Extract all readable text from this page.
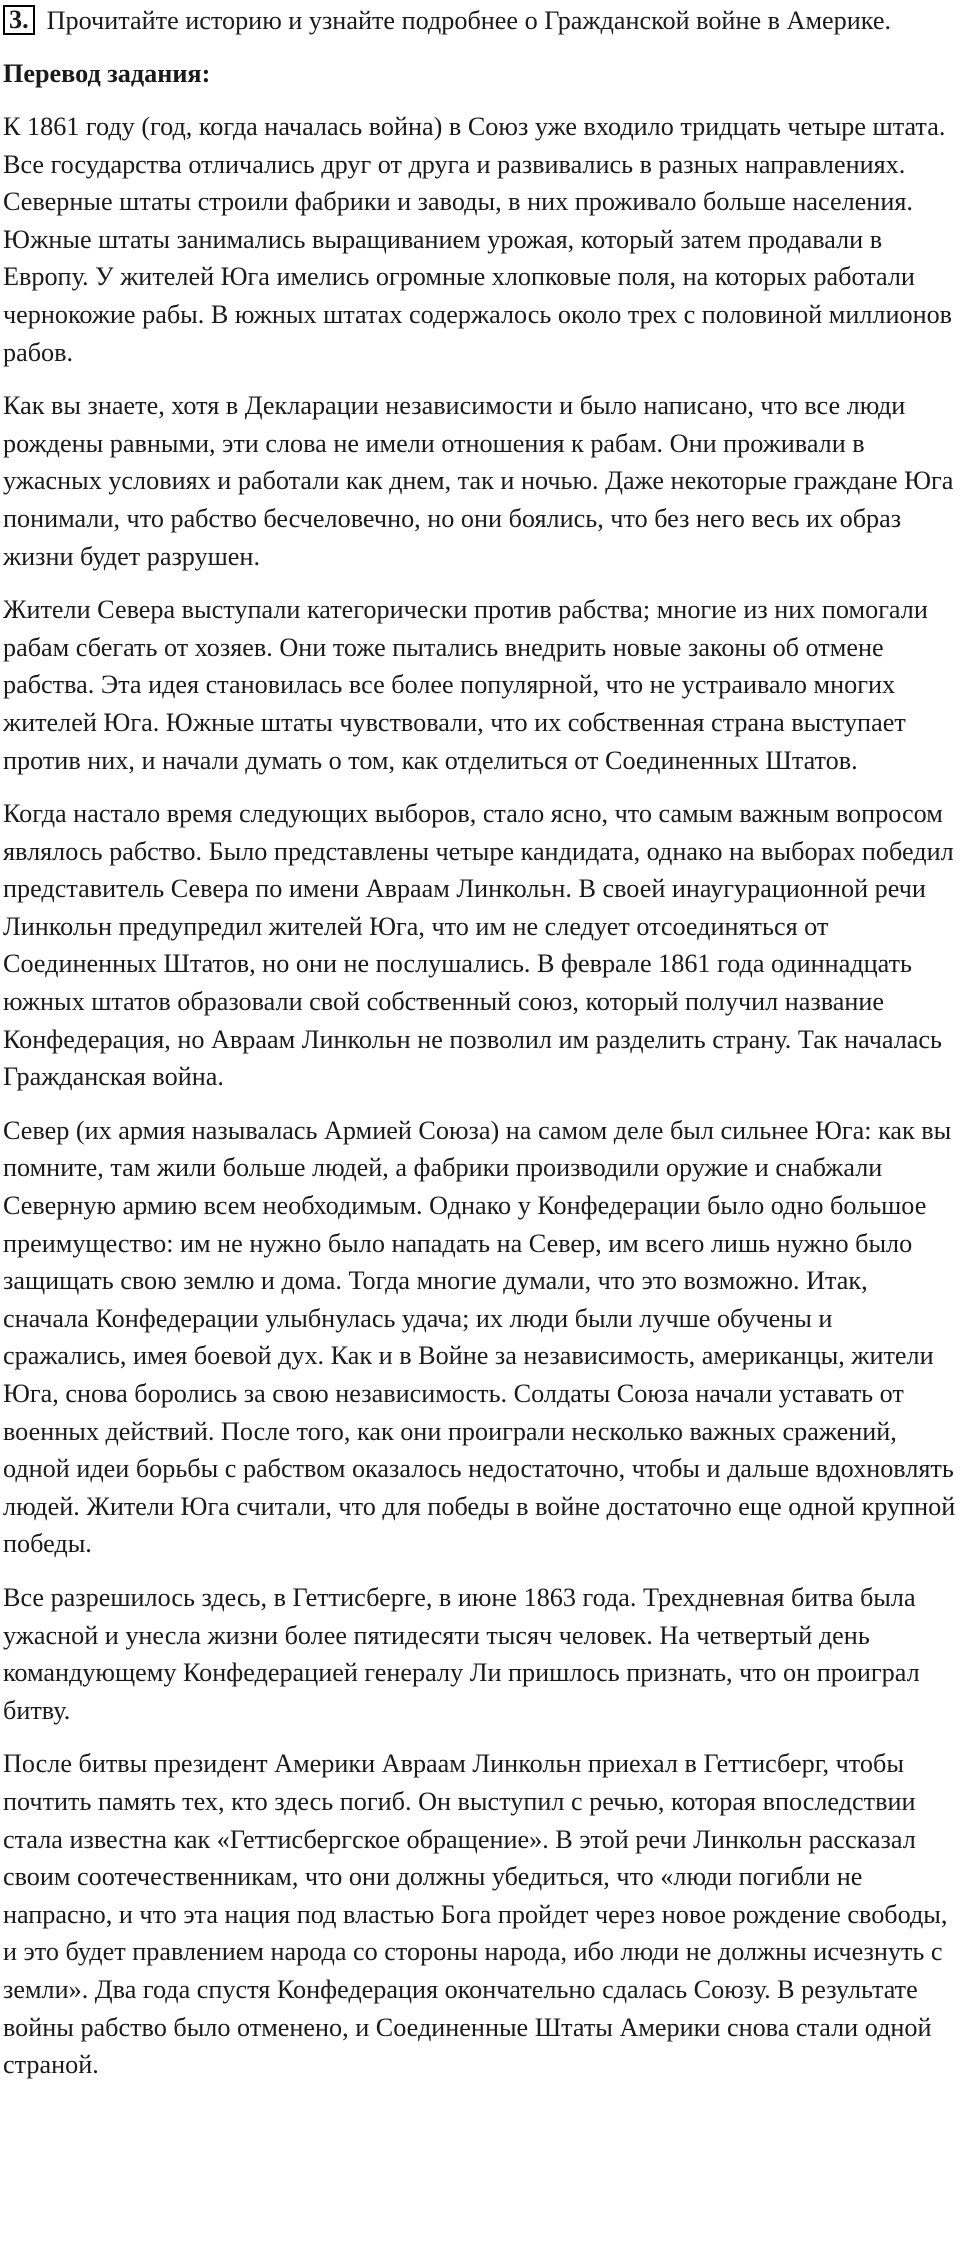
3. Прочитайте историю и узнайте подробнее о Гражданской войне в Америке.

Перевод задания:

К 1861 году (год, когда началась война) в Союз уже входило тридцать четыре штата. Все государства отличались друг от друга и развивались в разных направлениях. Северные штаты строили фабрики и заводы, в них проживало больше населения. Южные штаты занимались выращиванием урожая, который затем продавали в Европу. У жителей Юга имелись огромные хлопковые поля, на которых работали чернокожие рабы. В южных штатах содержалось около трех с половиной миллионов рабов.

Как вы знаете, хотя в Декларации независимости и было написано, что все люди рождены равными, эти слова не имели отношения к рабам. Они проживали в ужасных условиях и работали как днем, так и ночью. Даже некоторые граждане Юга понимали, что рабство бесчеловечно, но они боялись, что без него весь их образ жизни будет разрушен.

Жители Севера выступали категорически против рабства; многие из них помогали рабам сбегать от хозяев. Они тоже пытались внедрить новые законы об отмене рабства. Эта идея становилась все более популярной, что не устраивало многих жителей Юга. Южные штаты чувствовали, что их собственная страна выступает против них, и начали думать о том, как отделиться от Соединенных Штатов.

Когда настало время следующих выборов, стало ясно, что самым важным вопросом являлось рабство. Было представлены четыре кандидата, однако на выборах победил представитель Севера по имени Авраам Линкольн. В своей инаугурационной речи Линкольн предупредил жителей Юга, что им не следует отсоединяться от Соединенных Штатов, но они не послушались. В феврале 1861 года одиннадцать южных штатов образовали свой собственный союз, который получил название Конфедерация, но Авраам Линкольн не позволил им разделить страну. Так началась Гражданская война.

Север (их армия называлась Армией Союза) на самом деле был сильнее Юга: как вы помните, там жили больше людей, а фабрики производили оружие и снабжали Северную армию всем необходимым. Однако у Конфедерации было одно большое преимущество: им не нужно было нападать на Север, им всего лишь нужно было защищать свою землю и дома. Тогда многие думали, что это возможно. Итак, сначала Конфедерации улыбнулась удача; их люди были лучше обучены и сражались, имея боевой дух. Как и в Войне за независимость, американцы, жители Юга, снова боролись за свою независимость. Солдаты Союза начали уставать от военных действий. После того, как они проиграли несколько важных сражений, одной идеи борьбы с рабством оказалось недостаточно, чтобы и дальше вдохновлять людей. Жители Юга считали, что для победы в войне достаточно еще одной крупной победы.

Все разрешилось здесь, в Геттисберге, в июне 1863 года. Трехдневная битва была ужасной и унесла жизни более пятидесяти тысяч человек. На четвертый день командующему Конфедерацией генералу Ли пришлось признать, что он проиграл битву.

После битвы президент Америки Авраам Линкольн приехал в Геттисберг, чтобы почтить память тех, кто здесь погиб. Он выступил с речью, которая впоследствии стала известна как «Геттисбергское обращение». В этой речи Линкольн рассказал своим соотечественникам, что они должны убедиться, что «люди погибли не напрасно, и что эта нация под властью Бога пройдет через новое рождение свободы, и это будет правлением народа со стороны народа, ибо люди не должны исчезнуть с земли». Два года спустя Конфедерация окончательно сдалась Союзу. В результате войны рабство было отменено, и Соединенные Штаты Америки снова стали одной страной.
